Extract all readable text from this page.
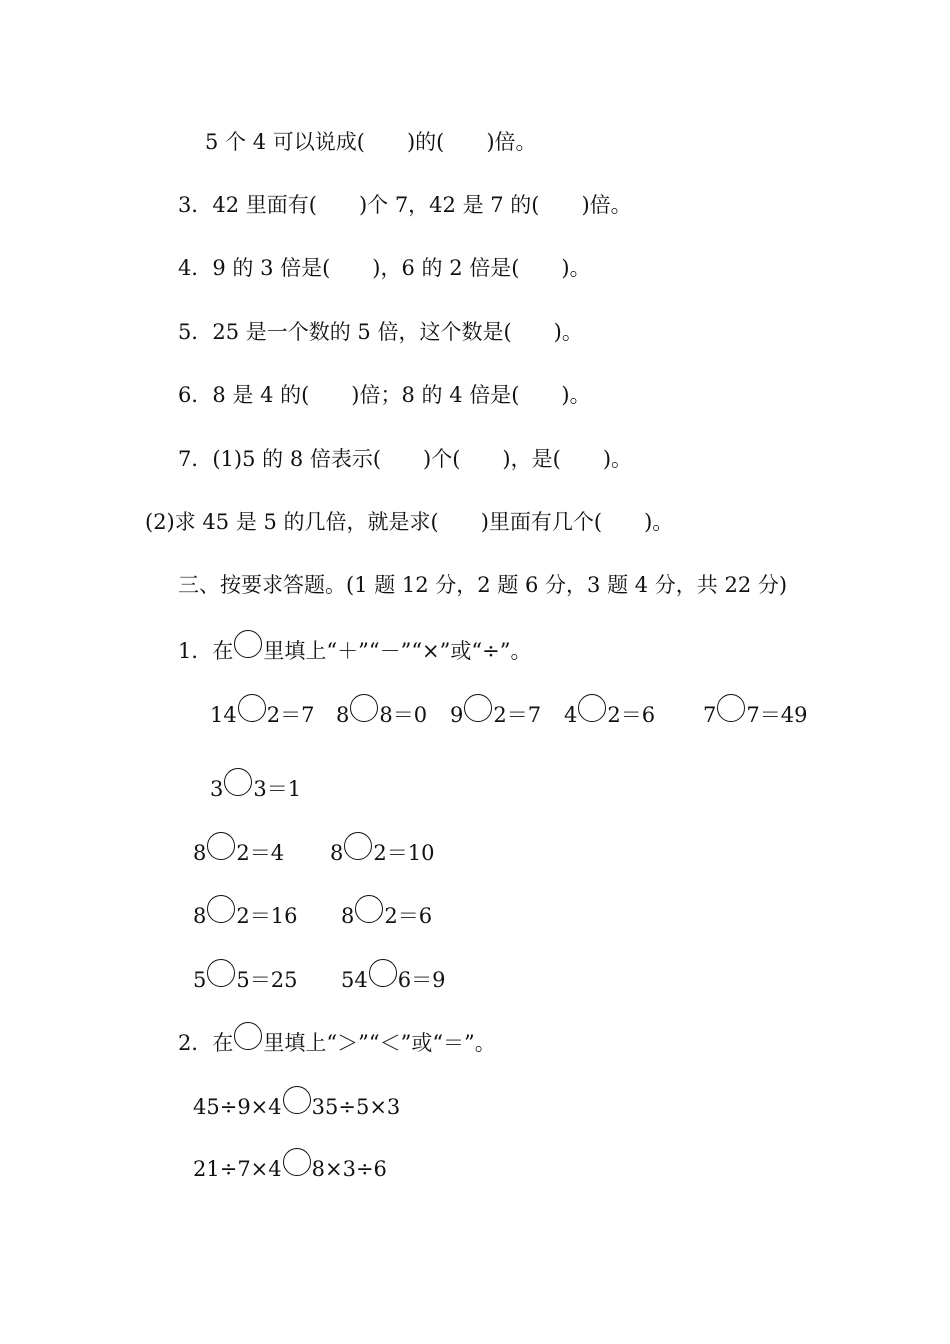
5 个 4 可以说成(　　)的(　　)倍。
3．42 里面有(　　)个 7，42 是 7 的(　　)倍。
4．9 的 3 倍是(　　)，6 的 2 倍是(　　)。
5．25 是一个数的 5 倍，这个数是(　　)。
6．8 是 4 的(　　)倍；8 的 4 倍是(　　)。
7．(1)5 的 8 倍表示(　　)个(　　)，是(　　)。
(2)求 45 是 5 的几倍，就是求(　　)里面有几个(　　)。
三、按要求答题。(1 题 12 分，2 题 6 分，3 题 4 分，共 22 分)
1．在 里填上“＋”“－”“×”或“÷”。
14 2＝7 8 8＝0 9 2＝7 4 2＝6 7 7＝49
3 3＝1
8 2＝4 8 2＝10
8 2＝16 8 2＝6
5 5＝25 54 6＝9
2．在 里填上“＞”“＜”或“＝”。
45÷9×4 35÷5×3
21÷7×4 8×3÷6
